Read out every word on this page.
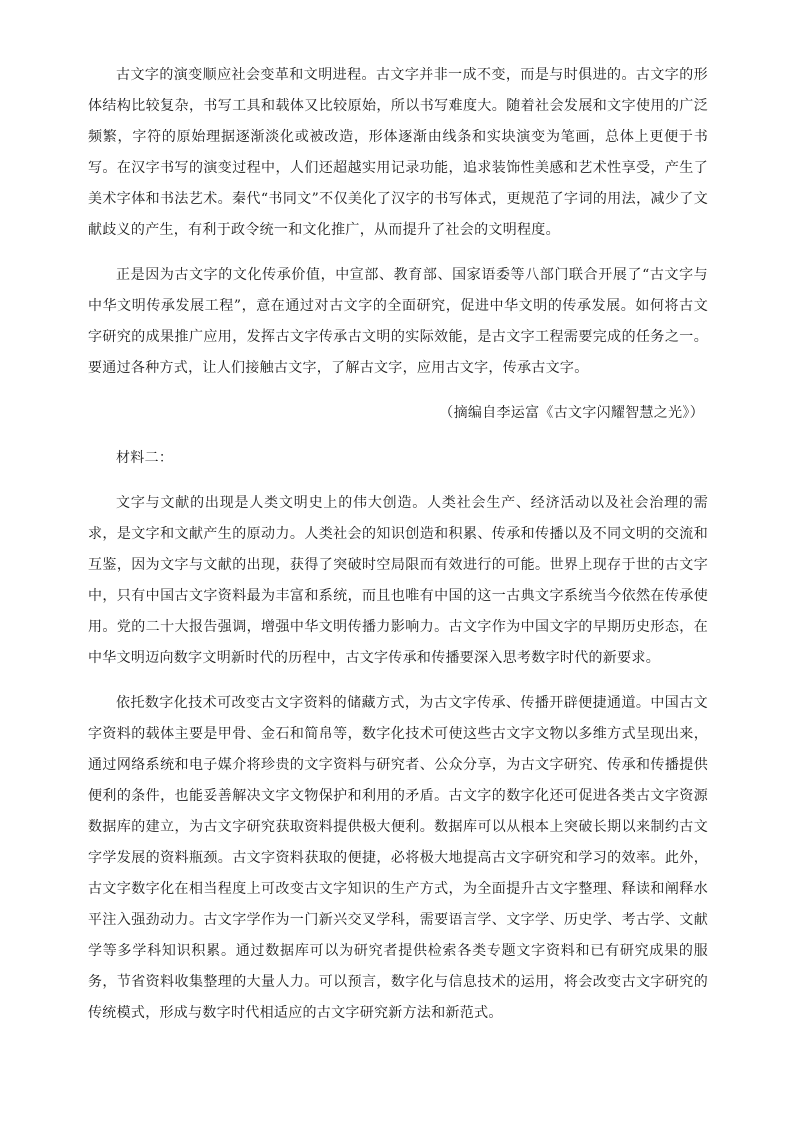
古文字的演变顺应社会变革和文明进程。古文字并非一成不变，而是与时俱进的。古文字的形体结构比较复杂，书写工具和载体又比较原始，所以书写难度大。随着社会发展和文字使用的广泛频繁，字符的原始理据逐渐淡化或被改造，形体逐渐由线条和实块演变为笔画，总体上更便于书写。在汉字书写的演变过程中，人们还超越实用记录功能，追求装饰性美感和艺术性享受，产生了美术字体和书法艺术。秦代“书同文”不仅美化了汉字的书写体式，更规范了字词的用法，减少了文献歧义的产生，有利于政令统一和文化推广，从而提升了社会的文明程度。

正是因为古文字的文化传承价值，中宣部、教育部、国家语委等八部门联合开展了“古文字与中华文明传承发展工程”，意在通过对古文字的全面研究，促进中华文明的传承发展。如何将古文字研究的成果推广应用，发挥古文字传承古文明的实际效能，是古文字工程需要完成的任务之一。要通过各种方式，让人们接触古文字，了解古文字，应用古文字，传承古文字。

（摘编自李运富《古文字闪耀智慧之光》）

材料二：

文字与文献的出现是人类文明史上的伟大创造。人类社会生产、经济活动以及社会治理的需求，是文字和文献产生的原动力。人类社会的知识创造和积累、传承和传播以及不同文明的交流和互鉴，因为文字与文献的出现，获得了突破时空局限而有效进行的可能。世界上现存于世的古文字中，只有中国古文字资料最为丰富和系统，而且也唯有中国的这一古典文字系统当今依然在传承使用。党的二十大报告强调，增强中华文明传播力影响力。古文字作为中国文字的早期历史形态，在中华文明迈向数字文明新时代的历程中，古文字传承和传播要深入思考数字时代的新要求。

依托数字化技术可改变古文字资料的储藏方式，为古文字传承、传播开辟便捷通道。中国古文字资料的载体主要是甲骨、金石和简帛等，数字化技术可使这些古文字文物以多维方式呈现出来，通过网络系统和电子媒介将珍贵的文字资料与研究者、公众分享，为古文字研究、传承和传播提供便利的条件，也能妥善解决文字文物保护和利用的矛盾。古文字的数字化还可促进各类古文字资源数据库的建立，为古文字研究获取资料提供极大便利。数据库可以从根本上突破长期以来制约古文字学发展的资料瓶颈。古文字资料获取的便捷，必将极大地提高古文字研究和学习的效率。此外，古文字数字化在相当程度上可改变古文字知识的生产方式，为全面提升古文字整理、释读和阐释水平注入强劲动力。古文字学作为一门新兴交叉学科，需要语言学、文字学、历史学、考古学、文献学等多学科知识积累。通过数据库可以为研究者提供检索各类专题文字资料和已有研究成果的服务，节省资料收集整理的大量人力。可以预言，数字化与信息技术的运用，将会改变古文字研究的传统模式，形成与数字时代相适应的古文字研究新方法和新范式。
